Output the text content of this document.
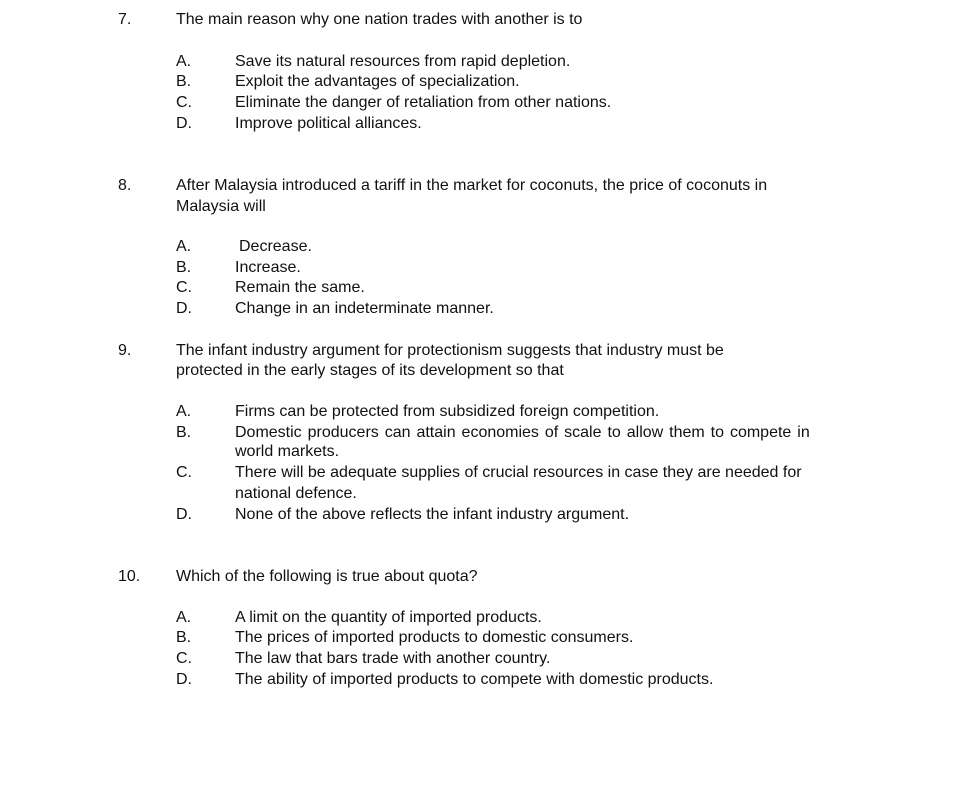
7.	The main reason why one nation trades with another is to
A.	Save its natural resources from rapid depletion.
B.	Exploit the advantages of specialization.
C.	Eliminate the danger of retaliation from other nations.
D.	Improve political alliances.
8.	After Malaysia introduced a tariff in the market for coconuts, the price of coconuts in
Malaysia will
A.	Decrease.
B.	Increase.
C.	Remain the same.
D.	Change in an indeterminate manner.
9.	The infant industry argument for protectionism suggests that industry must be
protected in the early stages of its development so that
A.	Firms can be protected from subsidized foreign competition.
B.	Domestic producers can attain economies of scale to allow them to compete in
world markets.
C.	There will be adequate supplies of crucial resources in case they are needed for
national defence.
D.	None of the above reflects the infant industry argument.
10. Which of the following is true about quota?
A.	A limit on the quantity of imported products.
B.	The prices of imported products to domestic consumers.
C.	The law that bars trade with another country.
D.	The ability of imported products to compete with domestic products.
